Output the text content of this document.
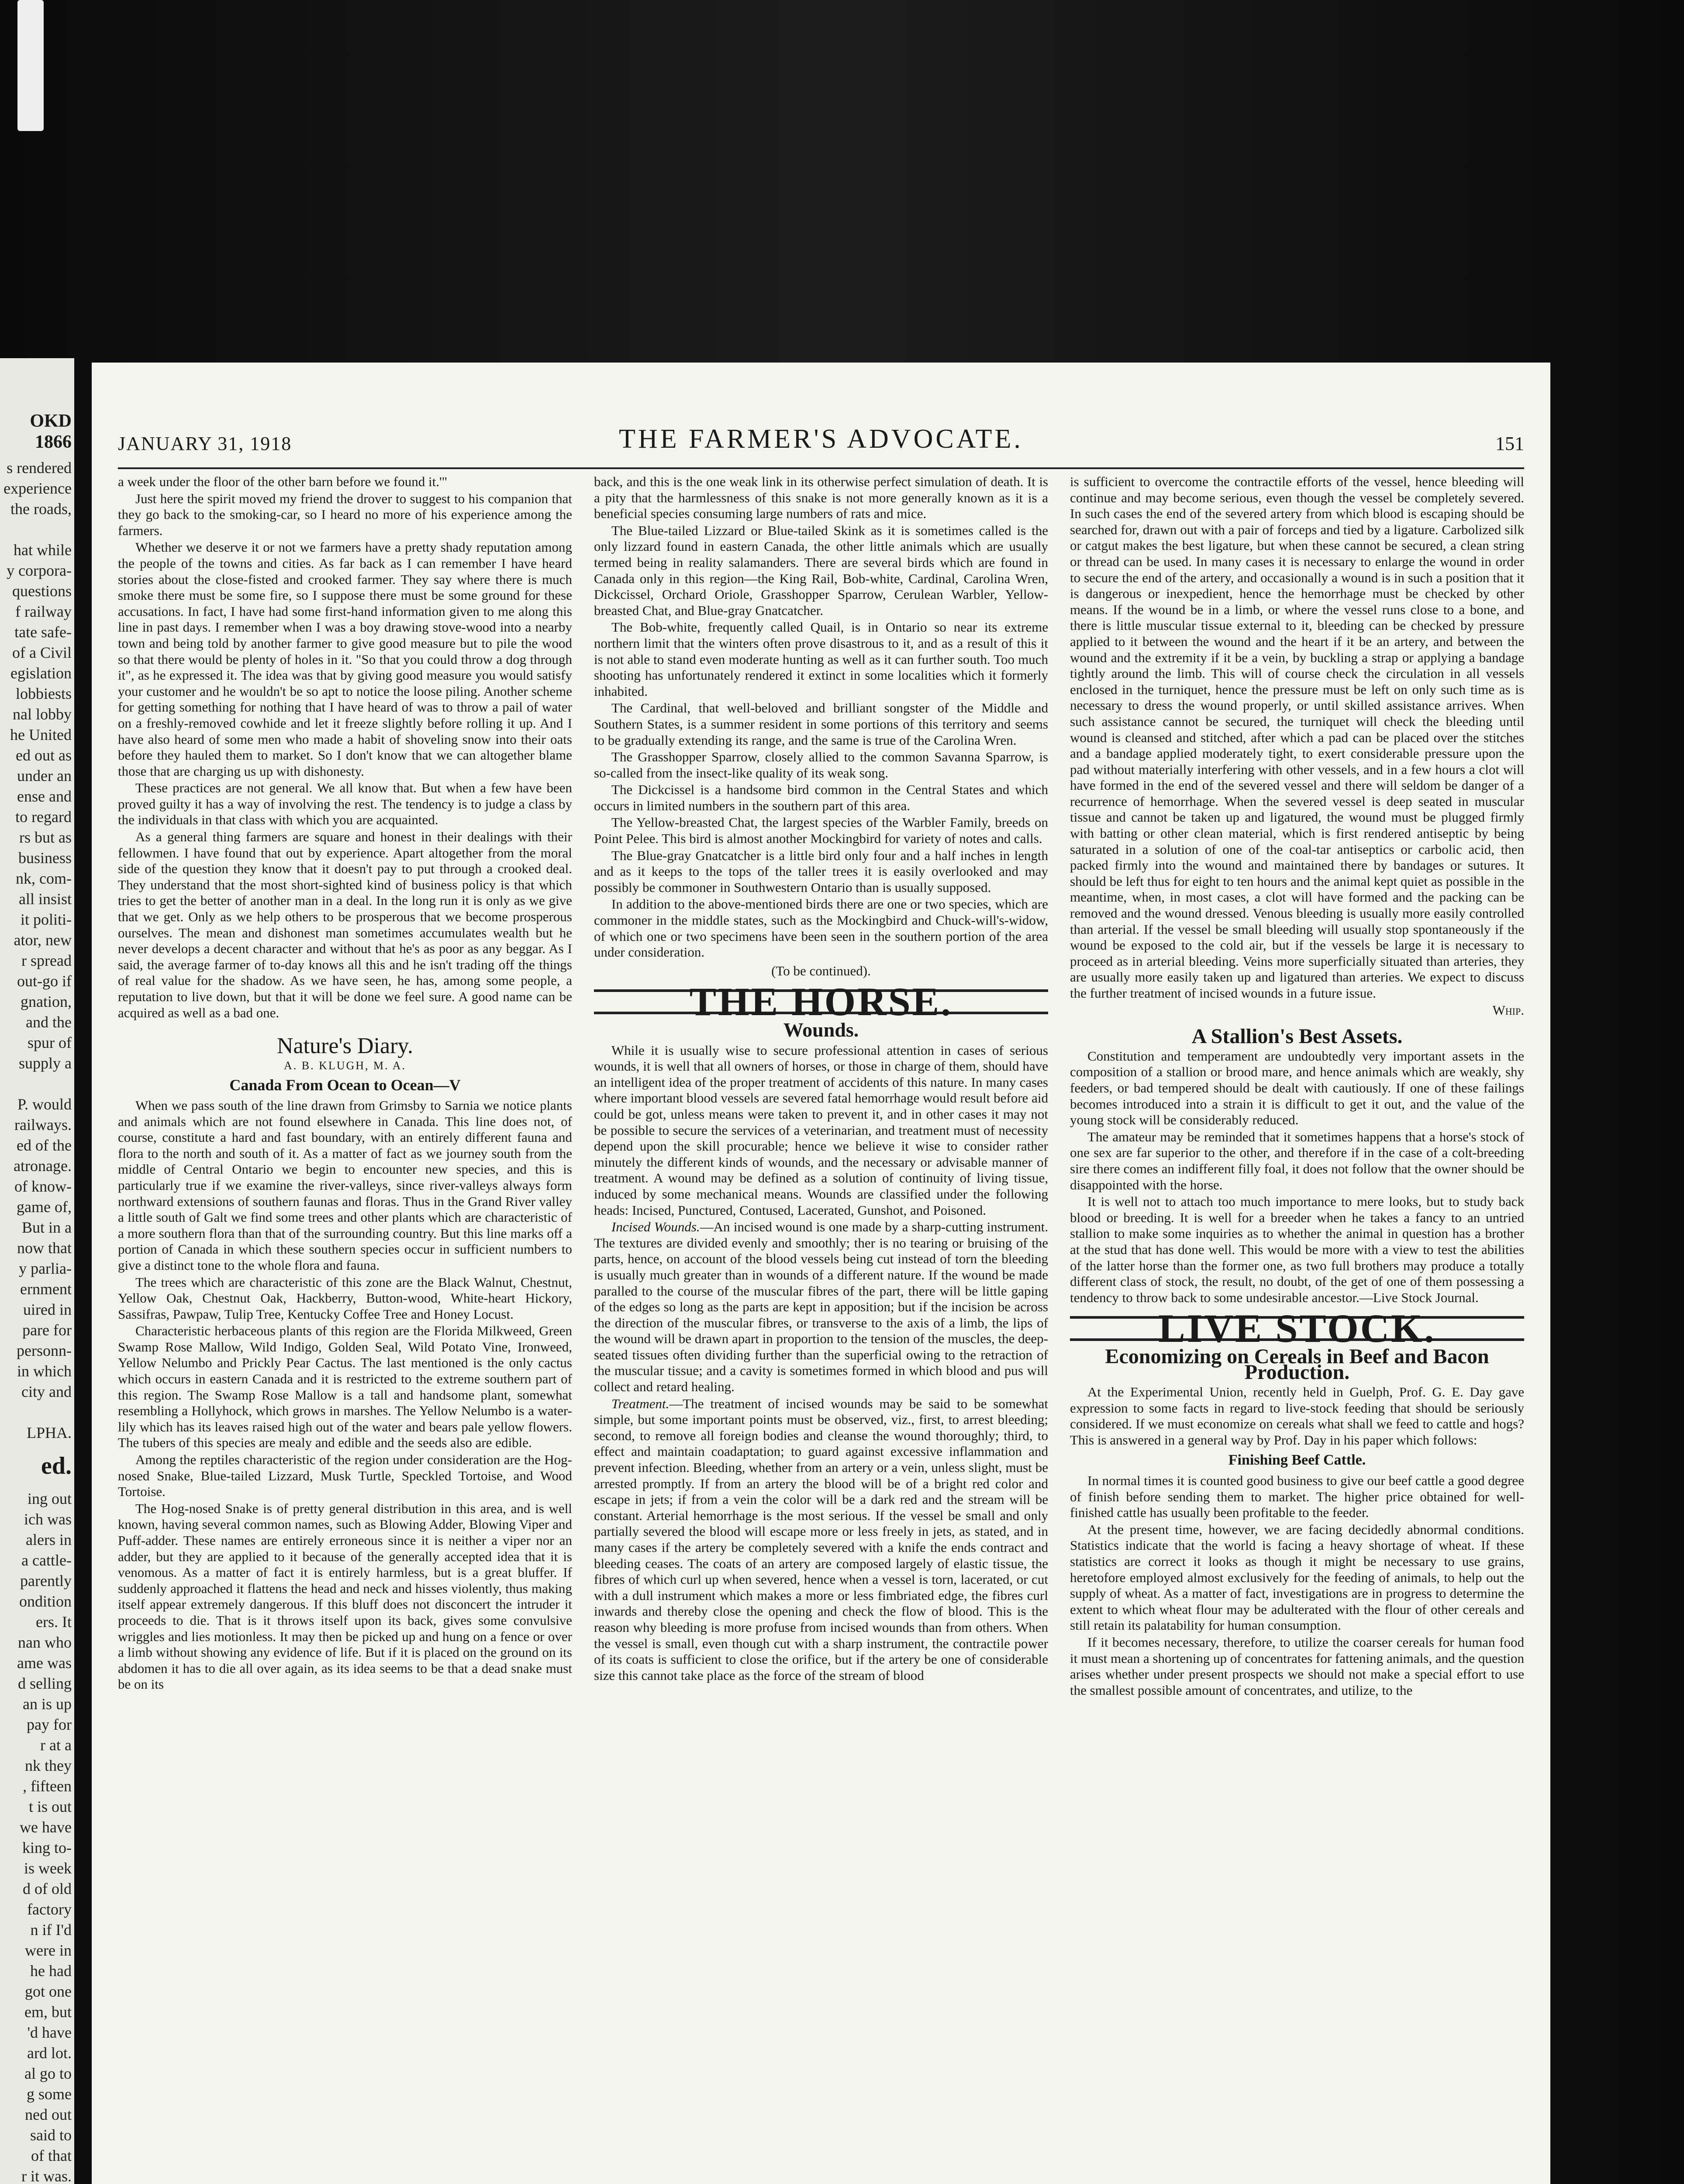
OKD 1866
s rendered
experience
the roads,

hat while
y corpora-
questions
f railway
tate safe-
of a Civil
egislation
lobbiests
nal lobby
he United
ed out as
under an
ense and
to regard
rs but as
business
nk, com-
all insist
it politi-
ator, new
r spread
out-go if
gnation,
and the
spur of
supply a

P. would
railways.
ed of the
atronage.
of know-
game of,
But in a
now that
y parlia-
ernment
uired in
pare for
personn-
in which
city and

LPHA.
ed.
ing out
ich was
alers in
a cattle-
parently
ondition
ers. It
nan who
ame was
d selling
an is up
pay for
r at a
nk they
, fifteen
t is out
we have
king to-
is week
d of old
factory
n if I'd
were in
he had
got one
em, but
'd have
ard lot.
al go to
g some
ned out
said to
of that
r it was.

JANUARY 31, 1918	THE FARMER'S ADVOCATE.	151

a week under the floor of the other barn before we found it.'"

Just here the spirit moved my friend the drover to suggest to his companion that they go back to the smoking-car, so I heard no more of his experience among the farmers.

Whether we deserve it or not we farmers have a pretty shady reputation among the people of the towns and cities. As far back as I can remember I have heard stories about the close-fisted and crooked farmer. They say where there is much smoke there must be some fire, so I suppose there must be some ground for these accusations. In fact, I have had some first-hand information given to me along this line in past days. I remember when I was a boy drawing stove-wood into a nearby town and being told by another farmer to give good measure but to pile the wood so that there would be plenty of holes in it. "So that you could throw a dog through it", as he expressed it. The idea was that by giving good measure you would satisfy your customer and he wouldn't be so apt to notice the loose piling. Another scheme for getting something for nothing that I have heard of was to throw a pail of water on a freshly-removed cowhide and let it freeze slightly before rolling it up. And I have also heard of some men who made a habit of shoveling snow into their oats before they hauled them to market. So I don't know that we can altogether blame those that are charging us up with dishonesty.

These practices are not general. We all know that. But when a few have been proved guilty it has a way of involving the rest. The tendency is to judge a class by the individuals in that class with which you are acquainted.

As a general thing farmers are square and honest in their dealings with their fellowmen. I have found that out by experience. Apart altogether from the moral side of the question they know that it doesn't pay to put through a crooked deal. They understand that the most short-sighted kind of business policy is that which tries to get the better of another man in a deal. In the long run it is only as we give that we get. Only as we help others to be prosperous that we become prosperous ourselves. The mean and dishonest man sometimes accumulates wealth but he never develops a decent character and without that he's as poor as any beggar. As I said, the average farmer of to-day knows all this and he isn't trading off the things of real value for the shadow. As we have seen, he has, among some people, a reputation to live down, but that it will be done we feel sure. A good name can be acquired as well as a bad one.

Nature's Diary.
A. B. KLUGH, M. A.
Canada From Ocean to Ocean—V

When we pass south of the line drawn from Grimsby to Sarnia we notice plants and animals which are not found elsewhere in Canada. This line does not, of course, constitute a hard and fast boundary, with an entirely different fauna and flora to the north and south of it. As a matter of fact as we journey south from the middle of Central Ontario we begin to encounter new species, and this is particularly true if we examine the river-valleys, since river-valleys always form northward extensions of southern faunas and floras. Thus in the Grand River valley a little south of Galt we find some trees and other plants which are characteristic of a more southern flora than that of the surrounding country. But this line marks off a portion of Canada in which these southern species occur in sufficient numbers to give a distinct tone to the whole flora and fauna.

The trees which are characteristic of this zone are the Black Walnut, Chestnut, Yellow Oak, Chestnut Oak, Hackberry, Button-wood, White-heart Hickory, Sassifras, Pawpaw, Tulip Tree, Kentucky Coffee Tree and Honey Locust.

Characteristic herbaceous plants of this region are the Florida Milkweed, Green Swamp Rose Mallow, Wild Indigo, Golden Seal, Wild Potato Vine, Ironweed, Yellow Nelumbo and Prickly Pear Cactus. The last mentioned is the only cactus which occurs in eastern Canada and it is restricted to the extreme southern part of this region. The Swamp Rose Mallow is a tall and handsome plant, somewhat resembling a Hollyhock, which grows in marshes. The Yellow Nelumbo is a water-lily which has its leaves raised high out of the water and bears pale yellow flowers. The tubers of this species are mealy and edible and the seeds also are edible.

Among the reptiles characteristic of the region under consideration are the Hog-nosed Snake, Blue-tailed Lizzard, Musk Turtle, Speckled Tortoise, and Wood Tortoise.

The Hog-nosed Snake is of pretty general distribution in this area, and is well known, having several common names, such as Blowing Adder, Blowing Viper and Puff-adder. These names are entirely erroneous since it is neither a viper nor an adder, but they are applied to it because of the generally accepted idea that it is venomous. As a matter of fact it is entirely harmless, but is a great bluffer. If suddenly approached it flattens the head and neck and hisses violently, thus making itself appear extremely dangerous. If this bluff does not disconcert the intruder it proceeds to die. That is it throws itself upon its back, gives some convulsive wriggles and lies motionless. It may then be picked up and hung on a fence or over a limb without showing any evidence of life. But if it is placed on the ground on its abdomen it has to die all over again, as its idea seems to be that a dead snake must be on its

back, and this is the one weak link in its otherwise perfect simulation of death. It is a pity that the harmlessness of this snake is not more generally known as it is a beneficial species consuming large numbers of rats and mice.

The Blue-tailed Lizzard or Blue-tailed Skink as it is sometimes called is the only lizzard found in eastern Canada, the other little animals which are usually termed being in reality salamanders. There are several birds which are found in Canada only in this region—the King Rail, Bob-white, Cardinal, Carolina Wren, Dickcissel, Orchard Oriole, Grasshopper Sparrow, Cerulean Warbler, Yellow-breasted Chat, and Blue-gray Gnatcatcher.

The Bob-white, frequently called Quail, is in Ontario so near its extreme northern limit that the winters often prove disastrous to it, and as a result of this it is not able to stand even moderate hunting as well as it can further south. Too much shooting has unfortunately rendered it extinct in some localities which it formerly inhabited.

The Cardinal, that well-beloved and brilliant songster of the Middle and Southern States, is a summer resident in some portions of this territory and seems to be gradually extending its range, and the same is true of the Carolina Wren.

The Grasshopper Sparrow, closely allied to the common Savanna Sparrow, is so-called from the insect-like quality of its weak song.

The Dickcissel is a handsome bird common in the Central States and which occurs in limited numbers in the southern part of this area.

The Yellow-breasted Chat, the largest species of the Warbler Family, breeds on Point Pelee. This bird is almost another Mockingbird for variety of notes and calls.

The Blue-gray Gnatcatcher is a little bird only four and a half inches in length and as it keeps to the tops of the taller trees it is easily overlooked and may possibly be commoner in Southwestern Ontario than is usually supposed.

In addition to the above-mentioned birds there are one or two species, which are commoner in the middle states, such as the Mockingbird and Chuck-will's-widow, of which one or two specimens have been seen in the southern portion of the area under consideration.

(To be continued).
THE HORSE.
Wounds.

While it is usually wise to secure professional attention in cases of serious wounds, it is well that all owners of horses, or those in charge of them, should have an intelligent idea of the proper treatment of accidents of this nature. In many cases where important blood vessels are severed fatal hemorrhage would result before aid could be got, unless means were taken to prevent it, and in other cases it may not be possible to secure the services of a veterinarian, and treatment must of necessity depend upon the skill procurable; hence we believe it wise to consider rather minutely the different kinds of wounds, and the necessary or advisable manner of treatment. A wound may be defined as a solution of continuity of living tissue, induced by some mechanical means. Wounds are classified under the following heads: Incised, Punctured, Contused, Lacerated, Gunshot, and Poisoned.

Incised Wounds.—An incised wound is one made by a sharp-cutting instrument. The textures are divided evenly and smoothly; ther is no tearing or bruising of the parts, hence, on account of the blood vessels being cut instead of torn the bleeding is usually much greater than in wounds of a different nature. If the wound be made paralled to the course of the muscular fibres of the part, there will be little gaping of the edges so long as the parts are kept in apposition; but if the incision be across the direction of the muscular fibres, or transverse to the axis of a limb, the lips of the wound will be drawn apart in proportion to the tension of the muscles, the deep-seated tissues often dividing further than the superficial owing to the retraction of the muscular tissue; and a cavity is sometimes formed in which blood and pus will collect and retard healing.

Treatment.—The treatment of incised wounds may be said to be somewhat simple, but some important points must be observed, viz., first, to arrest bleeding; second, to remove all foreign bodies and cleanse the wound thoroughly; third, to effect and maintain coadaptation; to guard against excessive inflammation and prevent infection. Bleeding, whether from an artery or a vein, unless slight, must be arrested promptly. If from an artery the blood will be of a bright red color and escape in jets; if from a vein the color will be a dark red and the stream will be constant. Arterial hemorrhage is the most serious. If the vessel be small and only partially severed the blood will escape more or less freely in jets, as stated, and in many cases if the artery be completely severed with a knife the ends contract and bleeding ceases. The coats of an artery are composed largely of elastic tissue, the fibres of which curl up when severed, hence when a vessel is torn, lacerated, or cut with a dull instrument which makes a more or less fimbriated edge, the fibres curl inwards and thereby close the opening and check the flow of blood. This is the reason why bleeding is more profuse from incised wounds than from others. When the vessel is small, even though cut with a sharp instrument, the contractile power of its coats is sufficient to close the orifice, but if the artery be one of considerable size this cannot take place as the force of the stream of blood

is sufficient to overcome the contractile efforts of the vessel, hence bleeding will continue and may become serious, even though the vessel be completely severed. In such cases the end of the severed artery from which blood is escaping should be searched for, drawn out with a pair of forceps and tied by a ligature. Carbolized silk or catgut makes the best ligature, but when these cannot be secured, a clean string or thread can be used. In many cases it is necessary to enlarge the wound in order to secure the end of the artery, and occasionally a wound is in such a position that it is dangerous or inexpedient, hence the hemorrhage must be checked by other means. If the wound be in a limb, or where the vessel runs close to a bone, and there is little muscular tissue external to it, bleeding can be checked by pressure applied to it between the wound and the heart if it be an artery, and between the wound and the extremity if it be a vein, by buckling a strap or applying a bandage tightly around the limb. This will of course check the circulation in all vessels enclosed in the turniquet, hence the pressure must be left on only such time as is necessary to dress the wound properly, or until skilled assistance arrives. When such assistance cannot be secured, the turniquet will check the bleeding until wound is cleansed and stitched, after which a pad can be placed over the stitches and a bandage applied moderately tight, to exert considerable pressure upon the pad without materially interfering with other vessels, and in a few hours a clot will have formed in the end of the severed vessel and there will seldom be danger of a recurrence of hemorrhage. When the severed vessel is deep seated in muscular tissue and cannot be taken up and ligatured, the wound must be plugged firmly with batting or other clean material, which is first rendered antiseptic by being saturated in a solution of one of the coal-tar antiseptics or carbolic acid, then packed firmly into the wound and maintained there by bandages or sutures. It should be left thus for eight to ten hours and the animal kept quiet as possible in the meantime, when, in most cases, a clot will have formed and the packing can be removed and the wound dressed. Venous bleeding is usually more easily controlled than arterial. If the vessel be small bleeding will usually stop spontaneously if the wound be exposed to the cold air, but if the vessels be large it is necessary to proceed as in arterial bleeding. Veins more superficially situated than arteries, they are usually more easily taken up and ligatured than arteries. We expect to discuss the further treatment of incised wounds in a future issue.

Whip.
A Stallion's Best Assets.

Constitution and temperament are undoubtedly very important assets in the composition of a stallion or brood mare, and hence animals which are weakly, shy feeders, or bad tempered should be dealt with cautiously. If one of these failings becomes introduced into a strain it is difficult to get it out, and the value of the young stock will be considerably reduced.

The amateur may be reminded that it sometimes happens that a horse's stock of one sex are far superior to the other, and therefore if in the case of a colt-breeding sire there comes an indifferent filly foal, it does not follow that the owner should be disappointed with the horse.

It is well not to attach too much importance to mere looks, but to study back blood or breeding. It is well for a breeder when he takes a fancy to an untried stallion to make some inquiries as to whether the animal in question has a brother at the stud that has done well. This would be more with a view to test the abilities of the latter horse than the former one, as two full brothers may produce a totally different class of stock, the result, no doubt, of the get of one of them possessing a tendency to throw back to some undesirable ancestor.—Live Stock Journal.

LIVE STOCK.
Economizing on Cereals in Beef and Bacon Production.

At the Experimental Union, recently held in Guelph, Prof. G. E. Day gave expression to some facts in regard to live-stock feeding that should be seriously considered. If we must economize on cereals what shall we feed to cattle and hogs? This is answered in a general way by Prof. Day in his paper which follows:

Finishing Beef Cattle.

In normal times it is counted good business to give our beef cattle a good degree of finish before sending them to market. The higher price obtained for well-finished cattle has usually been profitable to the feeder.

At the present time, however, we are facing decidedly abnormal conditions. Statistics indicate that the world is facing a heavy shortage of wheat. If these statistics are correct it looks as though it might be necessary to use grains, heretofore employed almost exclusively for the feeding of animals, to help out the supply of wheat. As a matter of fact, investigations are in progress to determine the extent to which wheat flour may be adulterated with the flour of other cereals and still retain its palatability for human consumption.

If it becomes necessary, therefore, to utilize the coarser cereals for human food it must mean a shortening up of concentrates for fattening animals, and the question arises whether under present prospects we should not make a special effort to use the smallest possible amount of concentrates, and utilize, to the
